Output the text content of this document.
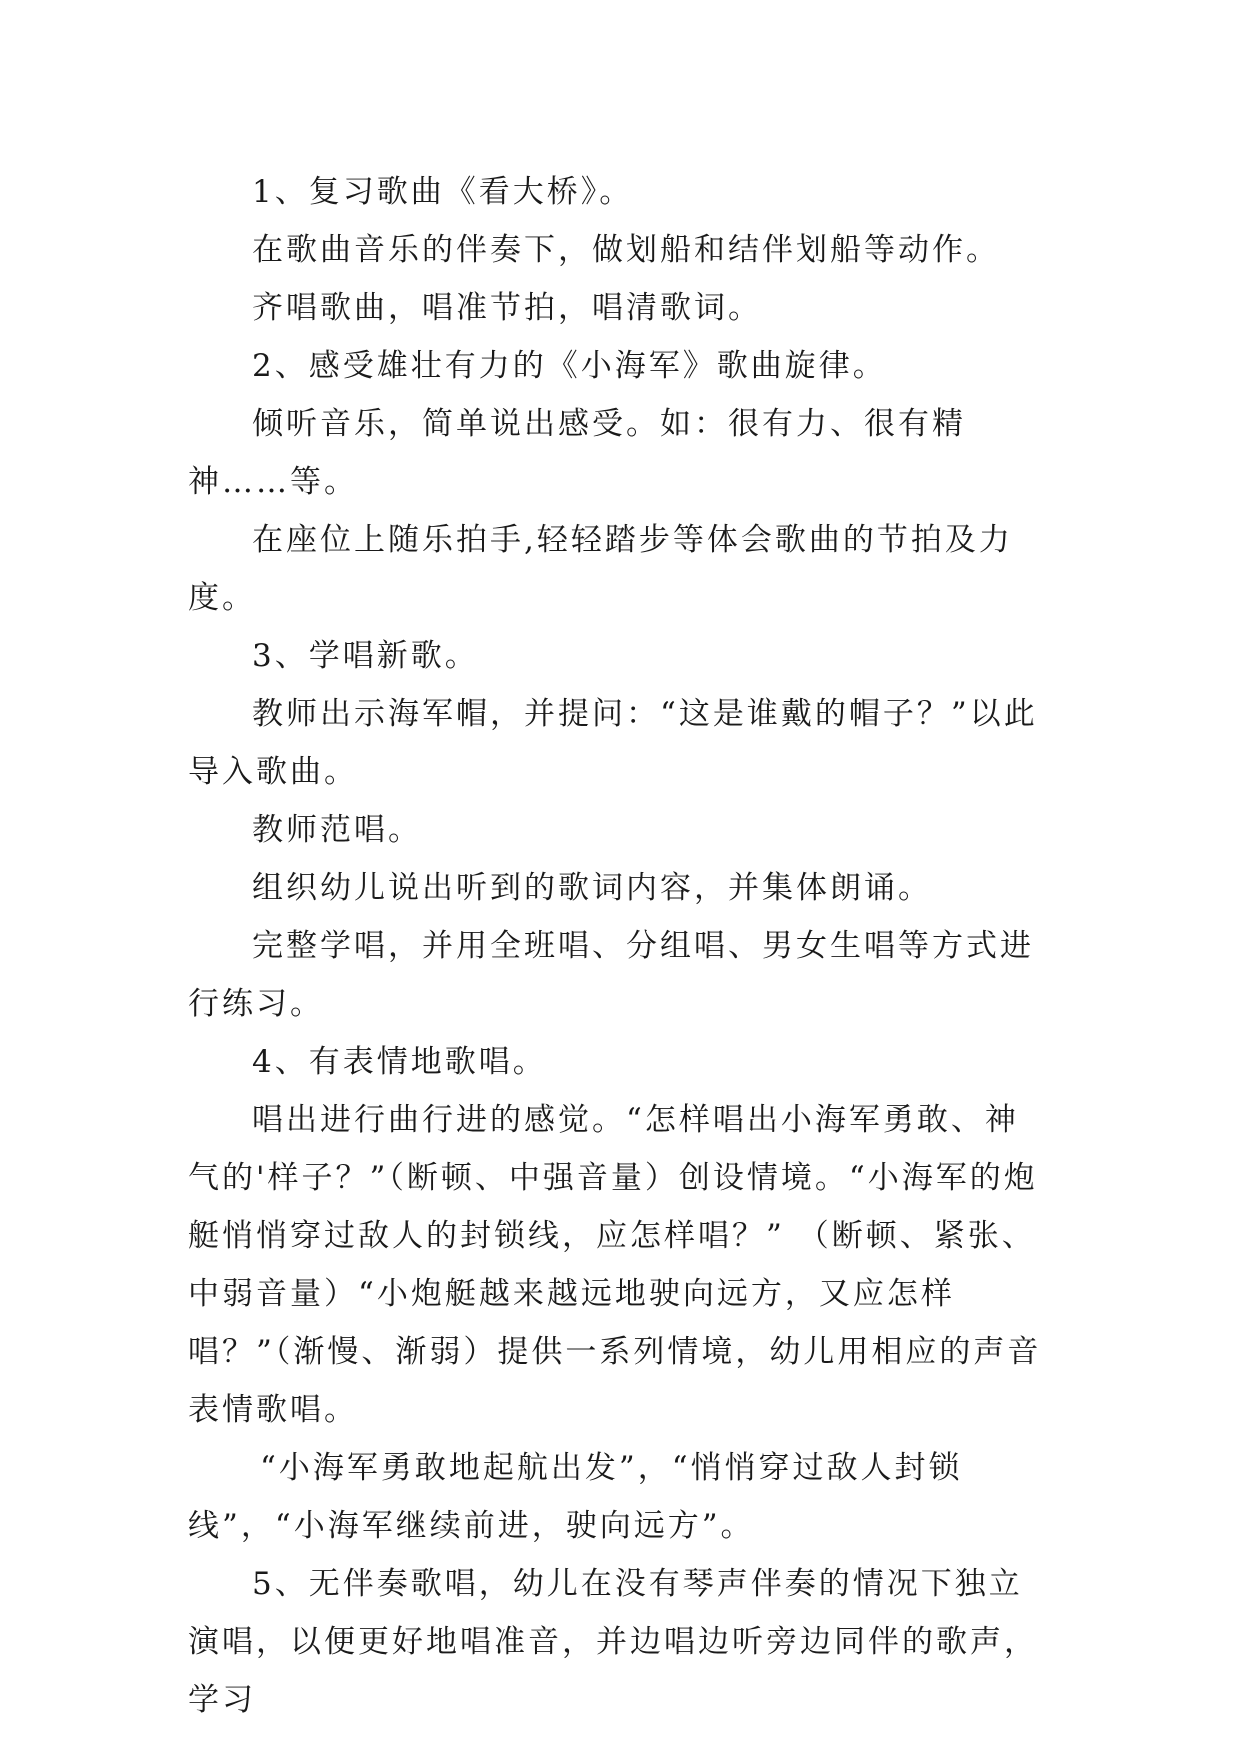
1、复习歌曲《看大桥》。

在歌曲音乐的伴奏下，做划船和结伴划船等动作。

齐唱歌曲，唱准节拍，唱清歌词。

2、感受雄壮有力的《小海军》歌曲旋律。

倾听音乐，简单说出感受。如：很有力、很有精神……等。

在座位上随乐拍手,轻轻踏步等体会歌曲的节拍及力度。

3、学唱新歌。

教师出示海军帽，并提问：“这是谁戴的帽子？”以此导入歌曲。

教师范唱。

组织幼儿说出听到的歌词内容，并集体朗诵。

完整学唱，并用全班唱、分组唱、男女生唱等方式进行练习。

4、有表情地歌唱。

唱出进行曲行进的感觉。“怎样唱出小海军勇敢、神气的'样子？”（断顿、中强音量）创设情境。“小海军的炮艇悄悄穿过敌人的封锁线，应怎样唱？” （断顿、紧张、中弱音量）“小炮艇越来越远地驶向远方，又应怎样唱？”（渐慢、渐弱）提供一系列情境，幼儿用相应的声音表情歌唱。

“小海军勇敢地起航出发”，“悄悄穿过敌人封锁线”，“小海军继续前进，驶向远方”。

5、无伴奏歌唱，幼儿在没有琴声伴奏的情况下独立演唱，以便更好地唱准音，并边唱边听旁边同伴的歌声，学习
